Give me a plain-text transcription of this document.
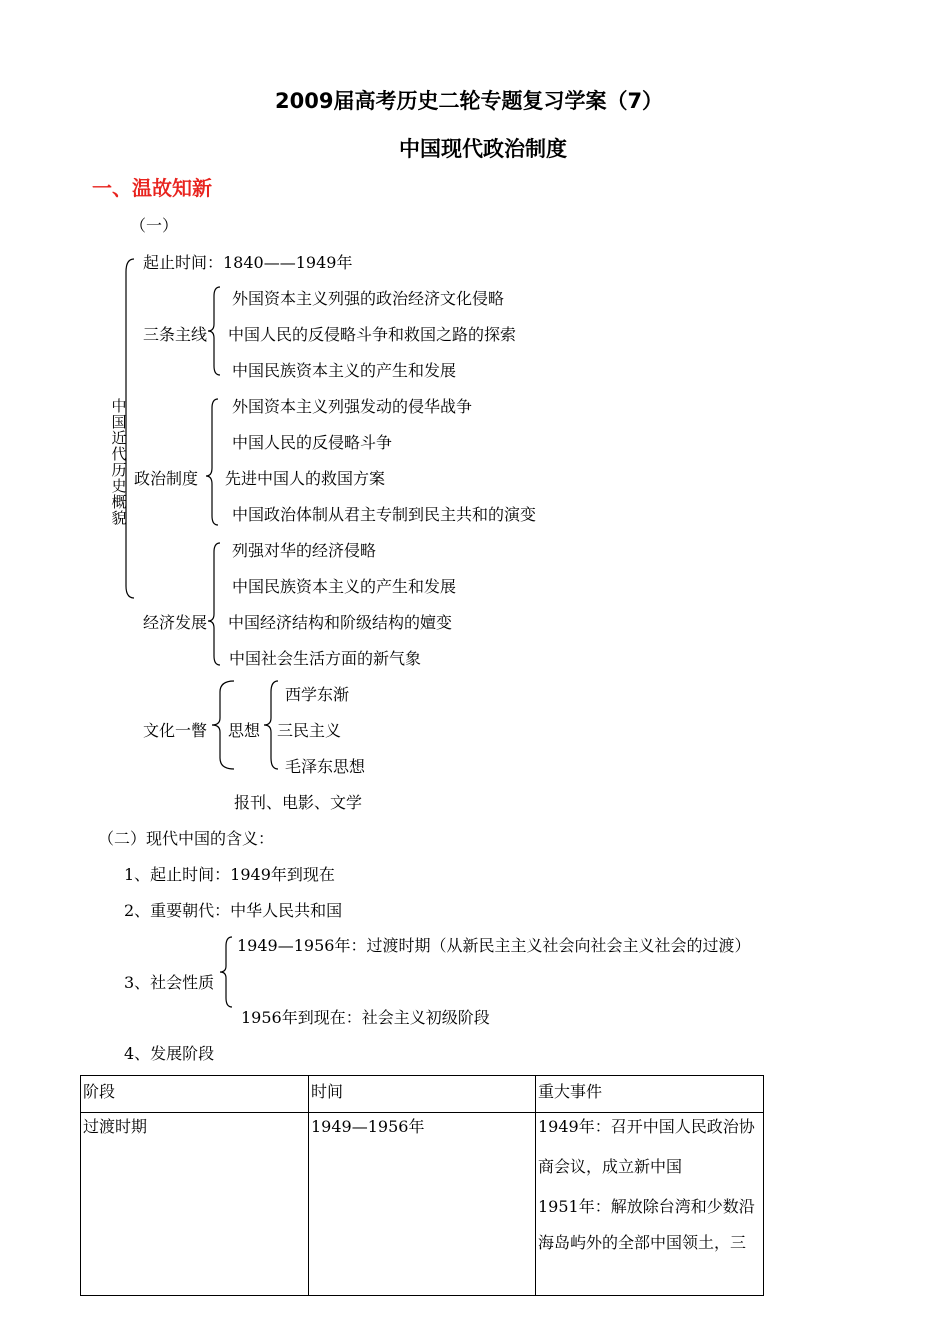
2009届高考历史二轮专题复习学案（7）
中国现代政治制度
一、温故知新
（一）
中国近代历史概貌
起止时间：1840——1949年
三条主线
外国资本主义列强的政治经济文化侵略
中国人民的反侵略斗争和救国之路的探索
中国民族资本主义的产生和发展
政治制度
外国资本主义列强发动的侵华战争
中国人民的反侵略斗争
先进中国人的救国方案
中国政治体制从君主专制到民主共和的演变
经济发展
列强对华的经济侵略
中国民族资本主义的产生和发展
中国经济结构和阶级结构的嬗变
中国社会生活方面的新气象
文化一瞥 思想
西学东渐
三民主义
毛泽东思想
报刊、电影、文学
（二）现代中国的含义：
1、起止时间：1949年到现在
2、重要朝代：中华人民共和国
3、社会性质
1949—1956年：过渡时期（从新民主主义社会向社会主义社会的过渡）
1956年到现在：社会主义初级阶段
4、发展阶段
阶段	时间	重大事件

过渡时期	1949—1956年	1949年：召开中国人民政治协
商会议，成立新中国
1951年：解放除台湾和少数沿
海岛屿外的全部中国领土，三
